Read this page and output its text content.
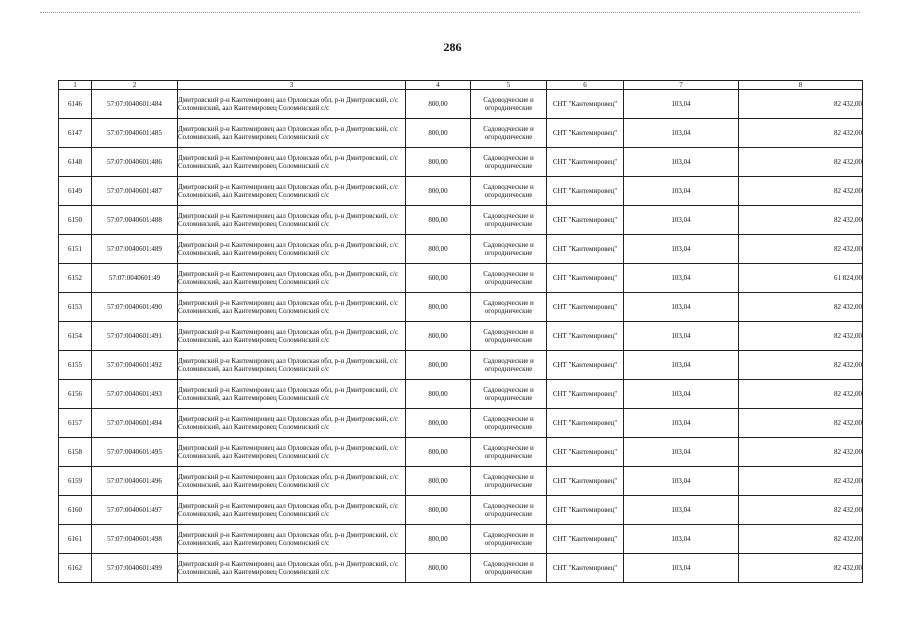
286
1	2	3	4	5	6	7	8
6146	57:07:0040601:484	Дмитровский р-н Кантемировец аал Орловская обл, р-н Дмитровский, с/с Соломинский, аал Кантемировец Соломинский с/с	800,00	Садоводческие и огороднические	СНТ "Кантемировец"	103,04	82 432,00
6147	57:07:0040601:485	Дмитровский р-н Кантемировец аал Орловская обл, р-н Дмитровский, с/с Соломинский, аал Кантемировец Соломинский с/с	800,00	Садоводческие и огороднические	СНТ "Кантемировец"	103,04	82 432,00
6148	57:07:0040601:486	Дмитровский р-н Кантемировец аал Орловская обл, р-н Дмитровский, с/с Соломинский, аал Кантемировец Соломинский с/с	800,00	Садоводческие и огороднические	СНТ "Кантемировец"	103,04	82 432,00
6149	57:07:0040601:487	Дмитровский р-н Кантемировец аал Орловская обл, р-н Дмитровский, с/с Соломинский, аал Кантемировец Соломинский с/с	800,00	Садоводческие и огороднические	СНТ "Кантемировец"	103,04	82 432,00
6150	57:07:0040601:488	Дмитровский р-н Кантемировец аал Орловская обл, р-н Дмитровский, с/с Соломинский, аал Кантемировец Соломинский с/с	800,00	Садоводческие и огороднические	СНТ "Кантемировец"	103,04	82 432,00
6151	57:07:0040601:489	Дмитровский р-н Кантемировец аал Орловская обл, р-н Дмитровский, с/с Соломинский, аал Кантемировец Соломинский с/с	800,00	Садоводческие и огороднические	СНТ "Кантемировец"	103,04	82 432,00
6152	57:07:0040601:49	Дмитровский р-н Кантемировец аал Орловская обл, р-н Дмитровский, с/с Соломинский, аал Кантемировец Соломинский с/с	600,00	Садоводческие и огороднические	СНТ "Кантемировец"	103,04	61 824,00
6153	57:07:0040601:490	Дмитровский р-н Кантемировец аал Орловская обл, р-н Дмитровский, с/с Соломинский, аал Кантемировец Соломинский с/с	800,00	Садоводческие и огороднические	СНТ "Кантемировец"	103,04	82 432,00
6154	57:07:0040601:491	Дмитровский р-н Кантемировец аал Орловская обл, р-н Дмитровский, с/с Соломинский, аал Кантемировец Соломинский с/с	800,00	Садоводческие и огороднические	СНТ "Кантемировец"	103,04	82 432,00
6155	57:07:0040601:492	Дмитровский р-н Кантемировец аал Орловская обл, р-н Дмитровский, с/с Соломинский, аал Кантемировец Соломинский с/с	800,00	Садоводческие и огороднические	СНТ "Кантемировец"	103,04	82 432,00
6156	57:07:0040601:493	Дмитровский р-н Кантемировец аал Орловская обл, р-н Дмитровский, с/с Соломинский, аал Кантемировец Соломинский с/с	800,00	Садоводческие и огороднические	СНТ "Кантемировец"	103,04	82 432,00
6157	57:07:0040601:494	Дмитровский р-н Кантемировец аал Орловская обл, р-н Дмитровский, с/с Соломинский, аал Кантемировец Соломинский с/с	800,00	Садоводческие и огороднические	СНТ "Кантемировец"	103,04	82 432,00
6158	57:07:0040601:495	Дмитровский р-н Кантемировец аал Орловская обл, р-н Дмитровский, с/с Соломинский, аал Кантемировец Соломинский с/с	800,00	Садоводческие и огороднические	СНТ "Кантемировец"	103,04	82 432,00
6159	57:07:0040601:496	Дмитровский р-н Кантемировец аал Орловская обл, р-н Дмитровский, с/с Соломинский, аал Кантемировец Соломинский с/с	800,00	Садоводческие и огороднические	СНТ "Кантемировец"	103,04	82 432,00
6160	57:07:0040601:497	Дмитровский р-н Кантемировец аал Орловская обл, р-н Дмитровский, с/с Соломинский, аал Кантемировец Соломинский с/с	800,00	Садоводческие и огороднические	СНТ "Кантемировец"	103,04	82 432,00
6161	57:07:0040601:498	Дмитровский р-н Кантемировец аал Орловская обл, р-н Дмитровский, с/с Соломинский, аал Кантемировец Соломинский с/с	800,00	Садоводческие и огороднические	СНТ "Кантемировец"	103,04	82 432,00
6162	57:07:0040601:499	Дмитровский р-н Кантемировец аал Орловская обл, р-н Дмитровский, с/с Соломинский, аал Кантемировец Соломинский с/с	800,00	Садоводческие и огороднические	СНТ "Кантемировец"	103,04	82 432,00
